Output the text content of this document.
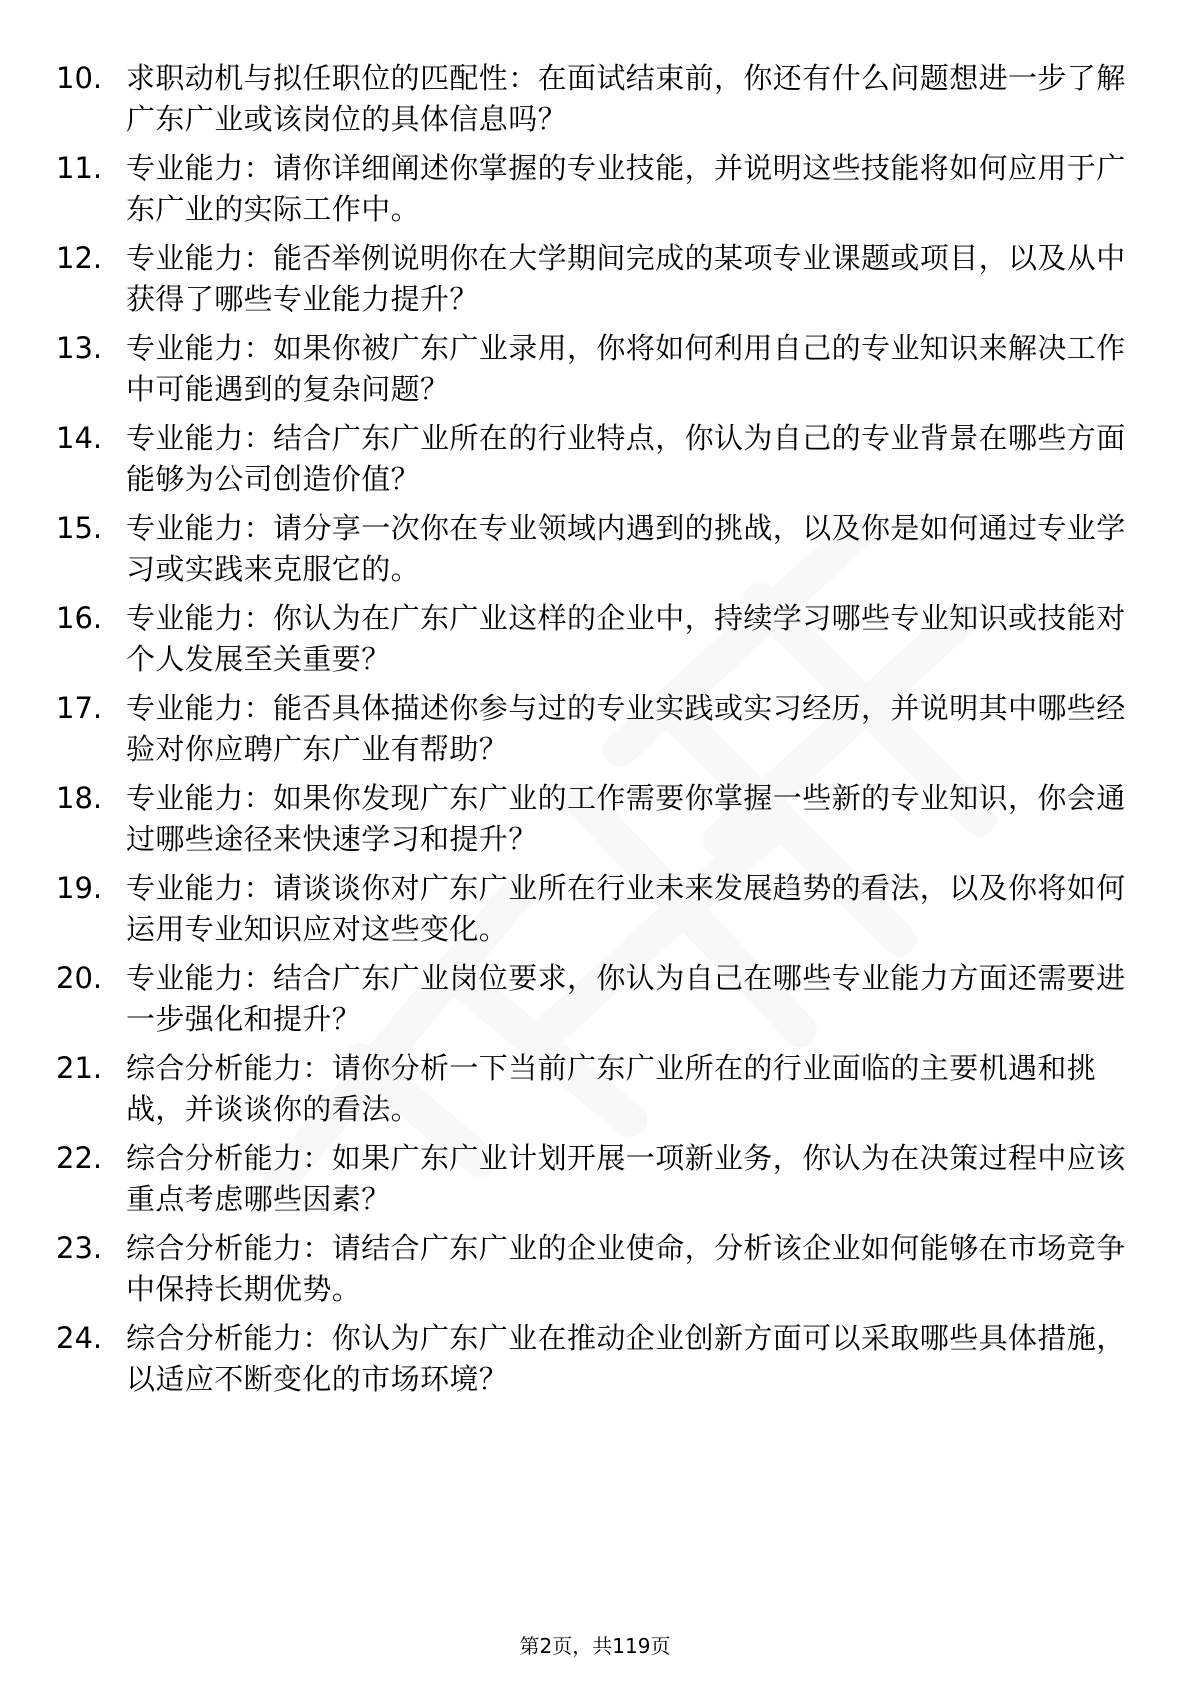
10. 求职动机与拟任职位的匹配性：在面试结束前，你还有什么问题想进一步了解广东广业或该岗位的具体信息吗？
11. 专业能力：请你详细阐述你掌握的专业技能，并说明这些技能将如何应用于广东广业的实际工作中。
12. 专业能力：能否举例说明你在大学期间完成的某项专业课题或项目，以及从中获得了哪些专业能力提升？
13. 专业能力：如果你被广东广业录用，你将如何利用自己的专业知识来解决工作中可能遇到的复杂问题？
14. 专业能力：结合广东广业所在的行业特点，你认为自己的专业背景在哪些方面能够为公司创造价值？
15. 专业能力：请分享一次你在专业领域内遇到的挑战，以及你是如何通过专业学习或实践来克服它的。
16. 专业能力：你认为在广东广业这样的企业中，持续学习哪些专业知识或技能对个人发展至关重要？
17. 专业能力：能否具体描述你参与过的专业实践或实习经历，并说明其中哪些经验对你应聘广东广业有帮助？
18. 专业能力：如果你发现广东广业的工作需要你掌握一些新的专业知识，你会通过哪些途径来快速学习和提升？
19. 专业能力：请谈谈你对广东广业所在行业未来发展趋势的看法，以及你将如何运用专业知识应对这些变化。
20. 专业能力：结合广东广业岗位要求，你认为自己在哪些专业能力方面还需要进一步强化和提升？
21. 综合分析能力：请你分析一下当前广东广业所在的行业面临的主要机遇和挑战，并谈谈你的看法。
22. 综合分析能力：如果广东广业计划开展一项新业务，你认为在决策过程中应该重点考虑哪些因素？
23. 综合分析能力：请结合广东广业的企业使命，分析该企业如何能够在市场竞争中保持长期优势。
24. 综合分析能力：你认为广东广业在推动企业创新方面可以采取哪些具体措施，以适应不断变化的市场环境？
第2页，共119页
